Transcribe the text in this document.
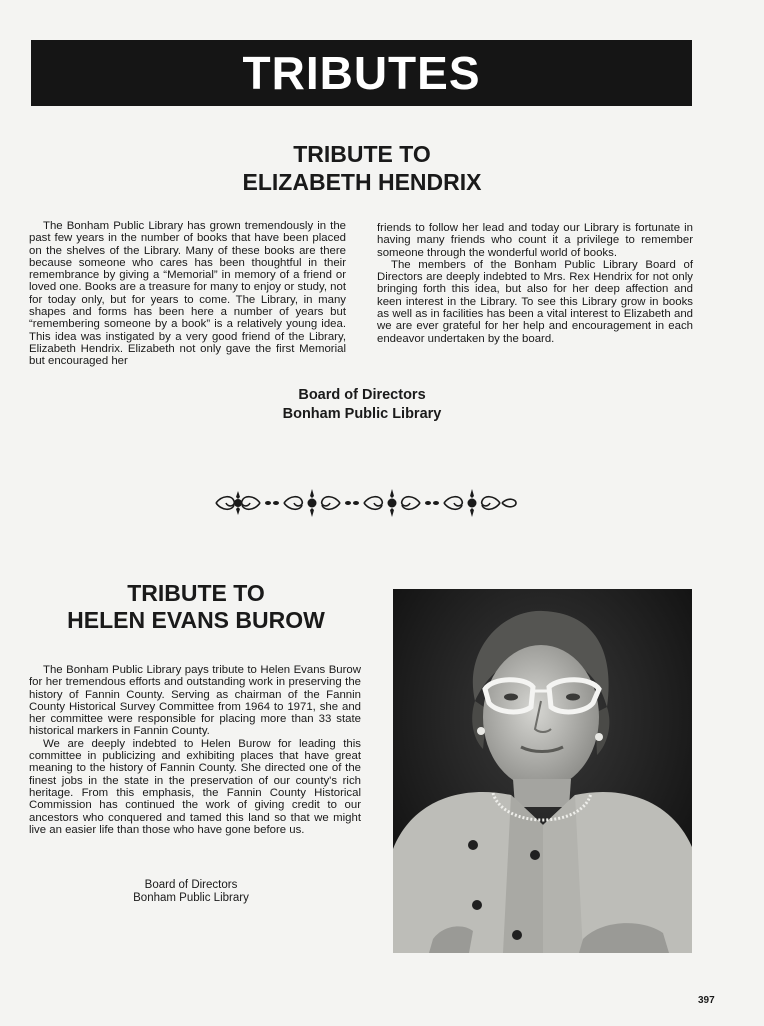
TRIBUTES
TRIBUTE TO
ELIZABETH HENDRIX

The Bonham Public Library has grown tremendously in the past few years in the number of books that have been placed on the shelves of the Library. Many of these books are there because someone who cares has been thoughtful in their remembrance by giving a “Memorial” in memory of a friend or loved one. Books are a treasure for many to enjoy or study, not for today only, but for years to come. The Library, in many shapes and forms has been here a number of years but “remembering someone by a book” is a relatively young idea. This idea was instigated by a very good friend of the Library, Elizabeth Hendrix. Elizabeth not only gave the first Memorial but encouraged her

friends to follow her lead and today our Library is fortunate in having many friends who count it a privilege to remember someone through the wonderful world of books.

The members of the Bonham Public Library Board of Directors are deeply indebted to Mrs. Rex Hendrix for not only bringing forth this idea, but also for her deep affection and keen interest in the Library. To see this Library grow in books as well as in facilities has been a vital interest to Elizabeth and we are ever grateful for her help and encouragement in each endeavor undertaken by the board.

Board of Directors
Bonham Public Library
TRIBUTE TO
HELEN EVANS BUROW

The Bonham Public Library pays tribute to Helen Evans Burow for her tremendous efforts and outstanding work in preserving the history of Fannin County. Serving as chairman of the Fannin County Historical Survey Committee from 1964 to 1971, she and her committee were responsible for placing more than 33 state historical markers in Fannin County.

We are deeply indebted to Helen Burow for leading this committee in publicizing and exhibiting places that have great meaning to the history of Fannin County. She directed one of the finest jobs in the state in the preservation of our county's rich heritage. From this emphasis, the Fannin County Historical Commission has continued the work of giving credit to our ancestors who conquered and tamed this land so that we might live an easier life than those who have gone before us.

Board of Directors
Bonham Public Library
397
